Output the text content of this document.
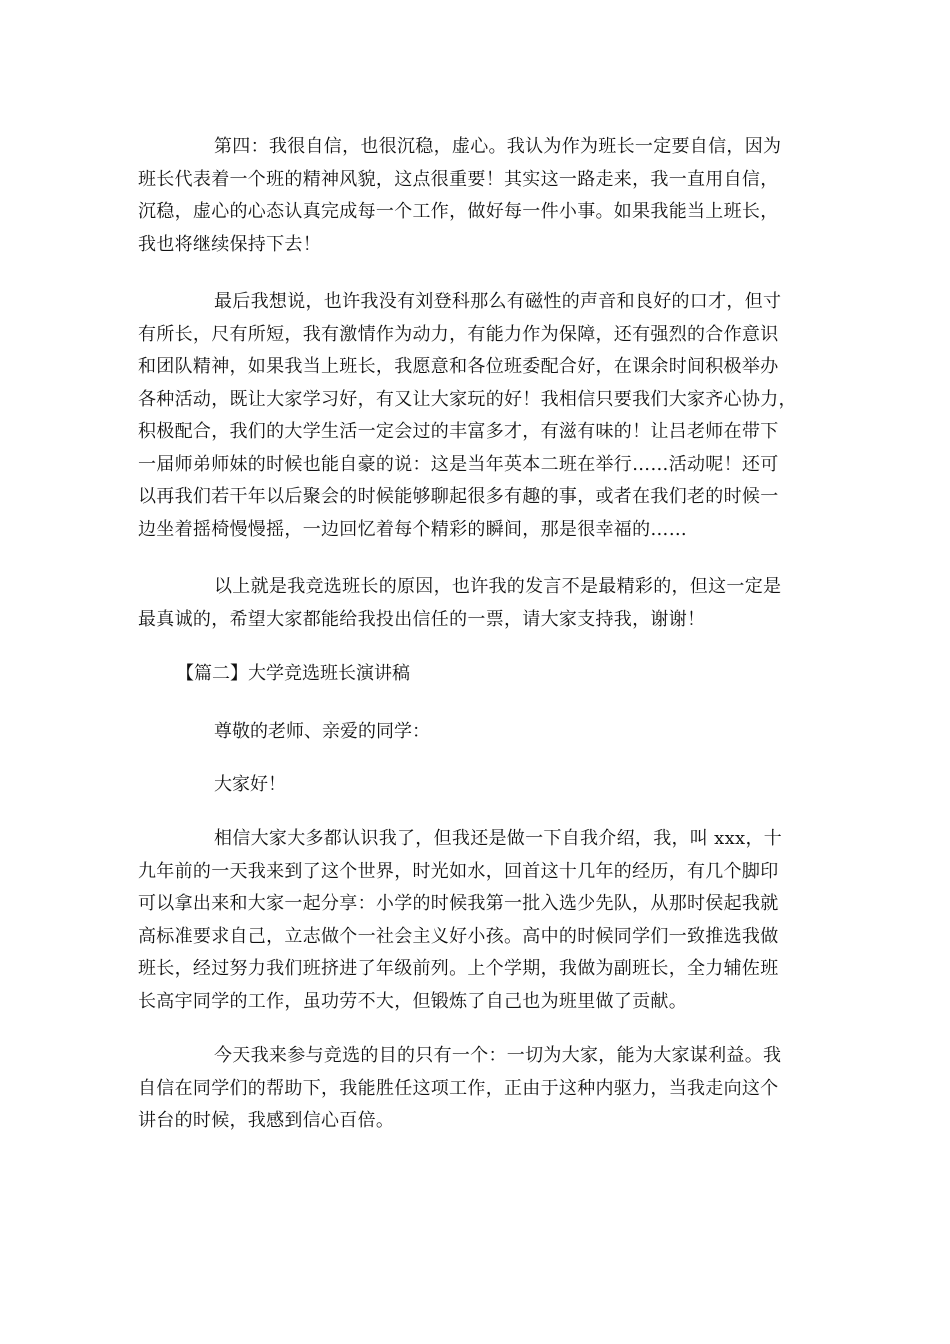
第四：我很自信，也很沉稳，虚心。我认为作为班长一定要自信，因为
班长代表着一个班的精神风貌，这点很重要！其实这一路走来，我一直用自信，
沉稳，虚心的心态认真完成每一个工作，做好每一件小事。如果我能当上班长，
我也将继续保持下去！

最后我想说，也许我没有刘登科那么有磁性的声音和良好的口才，但寸
有所长，尺有所短，我有激情作为动力，有能力作为保障，还有强烈的合作意识
和团队精神，如果我当上班长，我愿意和各位班委配合好，在课余时间积极举办
各种活动，既让大家学习好，有又让大家玩的好！我相信只要我们大家齐心协力，
积极配合，我们的大学生活一定会过的丰富多才，有滋有味的！让吕老师在带下
一届师弟师妹的时候也能自豪的说：这是当年英本二班在举行……活动呢！还可
以再我们若干年以后聚会的时候能够聊起很多有趣的事，或者在我们老的时候一
边坐着摇椅慢慢摇，一边回忆着每个精彩的瞬间，那是很幸福的……

以上就是我竞选班长的原因，也许我的发言不是最精彩的，但这一定是
最真诚的，希望大家都能给我投出信任的一票，请大家支持我，谢谢！

【篇二】大学竞选班长演讲稿

尊敬的老师、亲爱的同学：

大家好！

相信大家大多都认识我了，但我还是做一下自我介绍，我，叫 xxx，十
九年前的一天我来到了这个世界，时光如水，回首这十几年的经历，有几个脚印
可以拿出来和大家一起分享：小学的时候我第一批入选少先队，从那时侯起我就
高标准要求自己，立志做个一社会主义好小孩。高中的时候同学们一致推选我做
班长，经过努力我们班挤进了年级前列。上个学期，我做为副班长，全力辅佐班
长高宇同学的工作，虽功劳不大，但锻炼了自己也为班里做了贡献。

今天我来参与竞选的目的只有一个：一切为大家，能为大家谋利益。我
自信在同学们的帮助下，我能胜任这项工作，正由于这种内驱力，当我走向这个
讲台的时候，我感到信心百倍。
